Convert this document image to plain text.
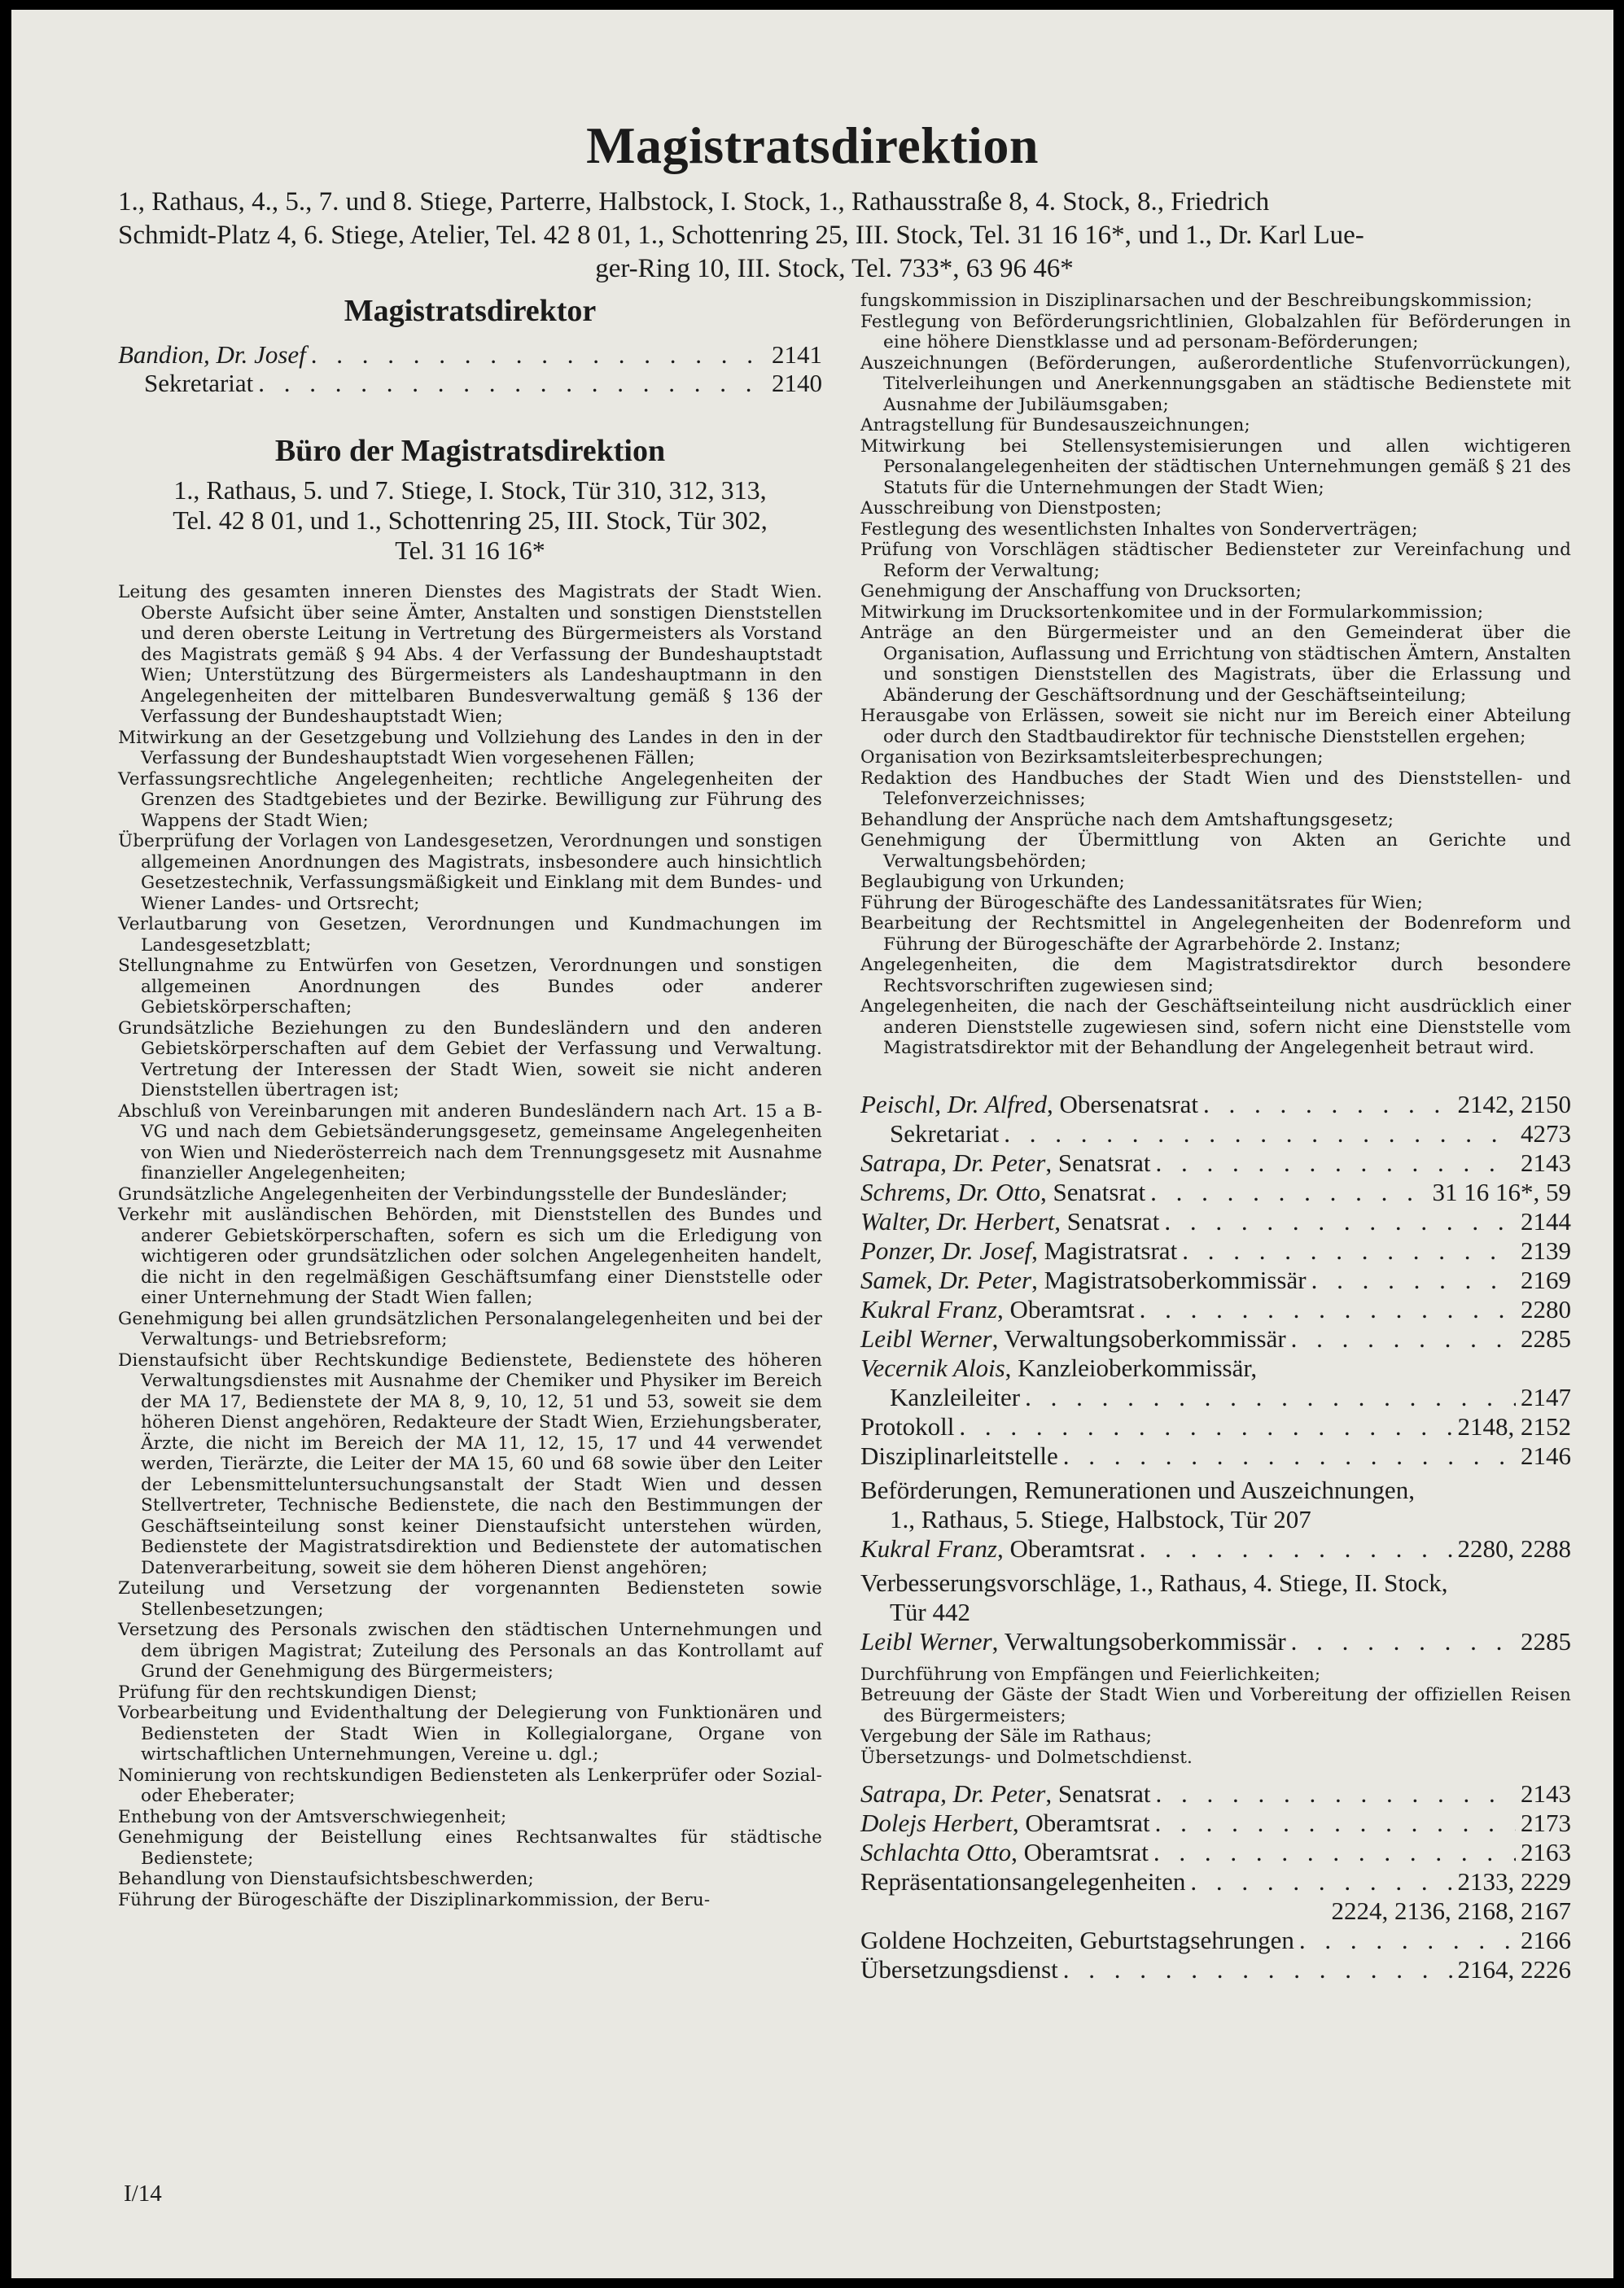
Magistratsdirektion
1., Rathaus, 4., 5., 7. und 8. Stiege, Parterre, Halbstock, I. Stock, 1., Rathausstraße 8, 4. Stock, 8., Friedrich
Schmidt-Platz 4, 6. Stiege, Atelier, Tel. 42 8 01, 1., Schottenring 25, III. Stock, Tel. 31 16 16*, und 1., Dr. Karl Lue-
ger-Ring 10, III. Stock, Tel. 733*, 63 96 46*
Magistratsdirektor
Bandion, Dr. Josef . . .	2141
Sekretariat . . .	2140
Büro der Magistratsdirektion
1., Rathaus, 5. und 7. Stiege, I. Stock, Tür 310, 312, 313,
Tel. 42 8 01, und 1., Schottenring 25, III. Stock, Tür 302,
Tel. 31 16 16*
Leitung des gesamten inneren Dienstes des Magistrats der Stadt Wien. Oberste Aufsicht über seine Ämter, Anstalten und sonstigen Dienststellen und deren oberste Leitung in Vertretung des Bürgermeisters als Vorstand des Magistrats gemäß § 94 Abs. 4 der Verfassung der Bundeshauptstadt Wien; Unterstützung des Bürgermeisters als Landeshauptmann in den Angelegenheiten der mittelbaren Bundesverwaltung gemäß § 136 der Verfassung der Bundeshauptstadt Wien;
Mitwirkung an der Gesetzgebung und Vollziehung des Landes in den in der Verfassung der Bundeshauptstadt Wien vorgesehenen Fällen;
Verfassungsrechtliche Angelegenheiten; rechtliche Angelegenheiten der Grenzen des Stadtgebietes und der Bezirke. Bewilligung zur Führung des Wappens der Stadt Wien;
Überprüfung der Vorlagen von Landesgesetzen, Verordnungen und sonstigen allgemeinen Anordnungen des Magistrats, insbesondere auch hinsichtlich Gesetzestechnik, Verfassungsmäßigkeit und Einklang mit dem Bundes- und Wiener Landes- und Ortsrecht;
Verlautbarung von Gesetzen, Verordnungen und Kundmachungen im Landesgesetzblatt;
Stellungnahme zu Entwürfen von Gesetzen, Verordnungen und sonstigen allgemeinen Anordnungen des Bundes oder anderer Gebietskörperschaften;
Grundsätzliche Beziehungen zu den Bundesländern und den anderen Gebietskörperschaften auf dem Gebiet der Verfassung und Verwaltung. Vertretung der Interessen der Stadt Wien, soweit sie nicht anderen Dienststellen übertragen ist;
Abschluß von Vereinbarungen mit anderen Bundesländern nach Art. 15 a B-VG und nach dem Gebietsänderungsgesetz, gemeinsame Angelegenheiten von Wien und Niederösterreich nach dem Trennungsgesetz mit Ausnahme finanzieller Angelegenheiten;
Grundsätzliche Angelegenheiten der Verbindungsstelle der Bundesländer;
Verkehr mit ausländischen Behörden, mit Dienststellen des Bundes und anderer Gebietskörperschaften, sofern es sich um die Erledigung von wichtigeren oder grundsätzlichen oder solchen Angelegenheiten handelt, die nicht in den regelmäßigen Geschäftsumfang einer Dienststelle oder einer Unternehmung der Stadt Wien fallen;
Genehmigung bei allen grundsätzlichen Personalangelegenheiten und bei der Verwaltungs- und Betriebsreform;
Dienstaufsicht über Rechtskundige Bedienstete, Bedienstete des höheren Verwaltungsdienstes mit Ausnahme der Chemiker und Physiker im Bereich der MA 17, Bedienstete der MA 8, 9, 10, 12, 51 und 53, soweit sie dem höheren Dienst angehören, Redakteure der Stadt Wien, Erziehungsberater, Ärzte, die nicht im Bereich der MA 11, 12, 15, 17 und 44 verwendet werden, Tierärzte, die Leiter der MA 15, 60 und 68 sowie über den Leiter der Lebensmitteluntersuchungsanstalt der Stadt Wien und dessen Stellvertreter, Technische Bedienstete, die nach den Bestimmungen der Geschäftseinteilung sonst keiner Dienstaufsicht unterstehen würden, Bedienstete der Magistratsdirektion und Bedienstete der automatischen Datenverarbeitung, soweit sie dem höheren Dienst angehören;
Zuteilung und Versetzung der vorgenannten Bediensteten sowie Stellenbesetzungen;
Versetzung des Personals zwischen den städtischen Unternehmungen und dem übrigen Magistrat; Zuteilung des Personals an das Kontrollamt auf Grund der Genehmigung des Bürgermeisters;
Prüfung für den rechtskundigen Dienst;
Vorbearbeitung und Evidenthaltung der Delegierung von Funktionären und Bediensteten der Stadt Wien in Kollegialorgane, Organe von wirtschaftlichen Unternehmungen, Vereine u. dgl.;
Nominierung von rechtskundigen Bediensteten als Lenkerprüfer oder Sozial- oder Eheberater;
Enthebung von der Amtsverschwiegenheit;
Genehmigung der Beistellung eines Rechtsanwaltes für städtische Bedienstete;
Behandlung von Dienstaufsichtsbeschwerden;
Führung der Bürogeschäfte der Disziplinarkommission, der Beru-
fungskommission in Disziplinarsachen und der Beschreibungskommission;
Festlegung von Beförderungsrichtlinien, Globalzahlen für Beförderungen in eine höhere Dienstklasse und ad personam-Beförderungen;
Auszeichnungen (Beförderungen, außerordentliche Stufenvorrückungen), Titelverleihungen und Anerkennungsgaben an städtische Bedienstete mit Ausnahme der Jubiläumsgaben;
Antragstellung für Bundesauszeichnungen;
Mitwirkung bei Stellensystemisierungen und allen wichtigeren Personalangelegenheiten der städtischen Unternehmungen gemäß § 21 des Statuts für die Unternehmungen der Stadt Wien;
Ausschreibung von Dienstposten;
Festlegung des wesentlichsten Inhaltes von Sonderverträgen;
Prüfung von Vorschlägen städtischer Bediensteter zur Vereinfachung und Reform der Verwaltung;
Genehmigung der Anschaffung von Drucksorten;
Mitwirkung im Drucksortenkomitee und in der Formularkommission;
Anträge an den Bürgermeister und an den Gemeinderat über die Organisation, Auflassung und Errichtung von städtischen Ämtern, Anstalten und sonstigen Dienststellen des Magistrats, über die Erlassung und Abänderung der Geschäftsordnung und der Geschäftseinteilung;
Herausgabe von Erlässen, soweit sie nicht nur im Bereich einer Abteilung oder durch den Stadtbaudirektor für technische Dienststellen ergehen;
Organisation von Bezirksamtsleiterbesprechungen;
Redaktion des Handbuches der Stadt Wien und des Dienststellen- und Telefonverzeichnisses;
Behandlung der Ansprüche nach dem Amtshaftungsgesetz;
Genehmigung der Übermittlung von Akten an Gerichte und Verwaltungsbehörden;
Beglaubigung von Urkunden;
Führung der Bürogeschäfte des Landessanitätsrates für Wien;
Bearbeitung der Rechtsmittel in Angelegenheiten der Bodenreform und Führung der Bürogeschäfte der Agrarbehörde 2. Instanz;
Angelegenheiten, die dem Magistratsdirektor durch besondere Rechtsvorschriften zugewiesen sind;
Angelegenheiten, die nach der Geschäftseinteilung nicht ausdrücklich einer anderen Dienststelle zugewiesen sind, sofern nicht eine Dienststelle vom Magistratsdirektor mit der Behandlung der Angelegenheit betraut wird.
Peischl, Dr. Alfred, Obersenatsrat . . .	2142, 2150
Sekretariat . . .	4273
Satrapa, Dr. Peter, Senatsrat . . .	2143
Schrems, Dr. Otto, Senatsrat . . .	31 16 16*, 59
Walter, Dr. Herbert, Senatsrat . . .	2144
Ponzer, Dr. Josef, Magistratsrat . . .	2139
Samek, Dr. Peter, Magistratsoberkommissär . . .	2169
Kukral Franz, Oberamtsrat . . .	2280
Leibl Werner, Verwaltungsoberkommissär . . .	2285
Vecernik Alois, Kanzleioberkommissär,
Kanzleileiter . . .	2147
Protokoll . . .	2148, 2152
Disziplinarleitstelle . . .	2146
Beförderungen, Remunerationen und Auszeichnungen,
1., Rathaus, 5. Stiege, Halbstock, Tür 207
Kukral Franz, Oberamtsrat . . .	2280, 2288
Verbesserungsvorschläge, 1., Rathaus, 4. Stiege, II. Stock,
Tür 442
Leibl Werner, Verwaltungsoberkommissär . . .	2285
Durchführung von Empfängen und Feierlichkeiten;
Betreuung der Gäste der Stadt Wien und Vorbereitung der offiziellen Reisen des Bürgermeisters;
Vergebung der Säle im Rathaus;
Übersetzungs- und Dolmetschdienst.
Satrapa, Dr. Peter, Senatsrat . . .	2143
Dolejs Herbert, Oberamtsrat . . .	2173
Schlachta Otto, Oberamtsrat . . .	2163
Repräsentationsangelegenheiten . . .	2133, 2229
2224, 2136, 2168, 2167
Goldene Hochzeiten, Geburtstagsehrungen . . .	2166
Übersetzungsdienst . . .	2164, 2226
I/14
